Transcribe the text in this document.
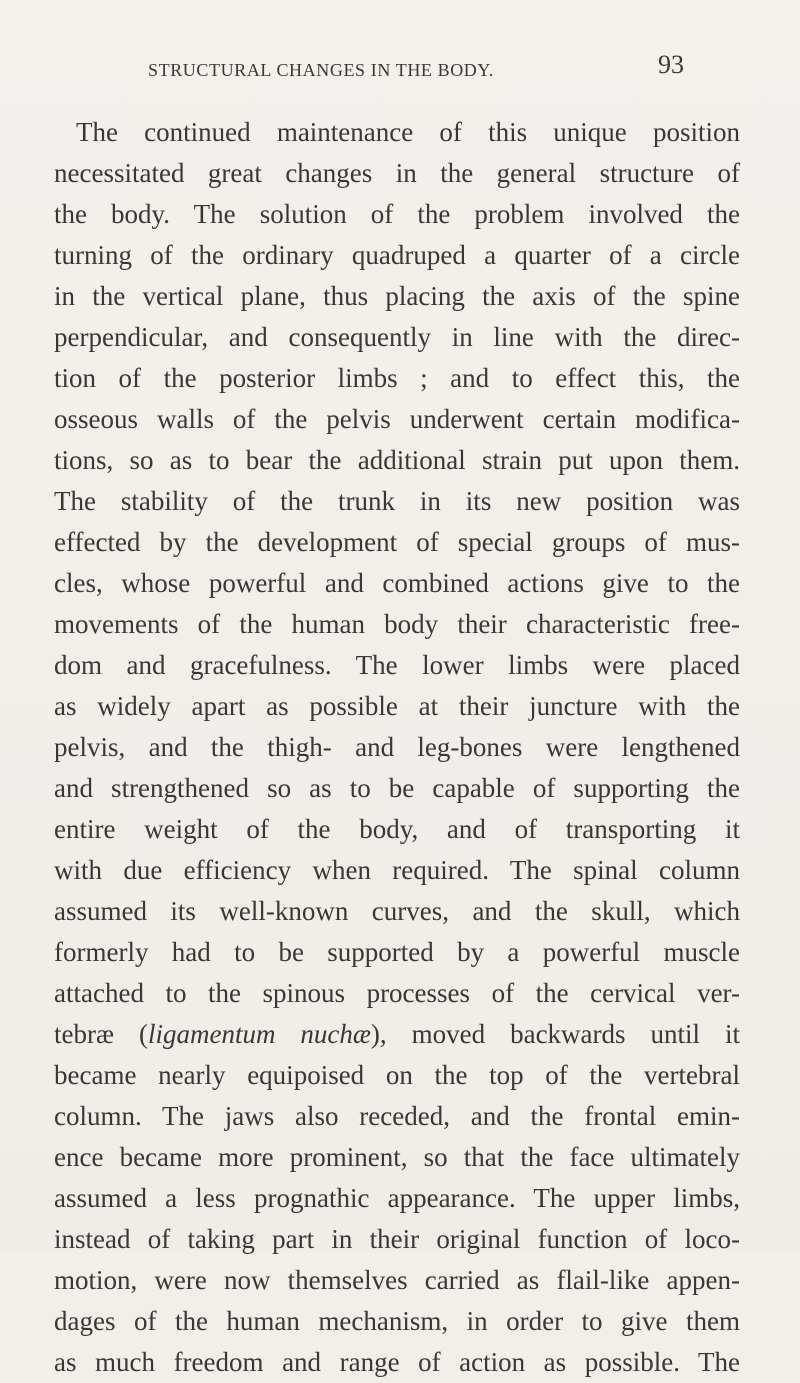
STRUCTURAL CHANGES IN THE BODY.	93
The continued maintenance of this unique position
necessitated great changes in the general structure of
the body. The solution of the problem involved the
turning of the ordinary quadruped a quarter of a circle
in the vertical plane, thus placing the axis of the spine
perpendicular, and consequently in line with the direc-
tion of the posterior limbs ; and to effect this, the
osseous walls of the pelvis underwent certain modifica-
tions, so as to bear the additional strain put upon them.
The stability of the trunk in its new position was
effected by the development of special groups of mus-
cles, whose powerful and combined actions give to the
movements of the human body their characteristic free-
dom and gracefulness. The lower limbs were placed
as widely apart as possible at their juncture with the
pelvis, and the thigh- and leg-bones were lengthened
and strengthened so as to be capable of supporting the
entire weight of the body, and of transporting it
with due efficiency when required. The spinal column
assumed its well-known curves, and the skull, which
formerly had to be supported by a powerful muscle
attached to the spinous processes of the cervical ver-
tebræ (ligamentum nuchæ), moved backwards until it
became nearly equipoised on the top of the vertebral
column. The jaws also receded, and the frontal emin-
ence became more prominent, so that the face ultimately
assumed a less prognathic appearance. The upper limbs,
instead of taking part in their original function of loco-
motion, were now themselves carried as flail-like appen-
dages of the human mechanism, in order to give them
as much freedom and range of action as possible. The
